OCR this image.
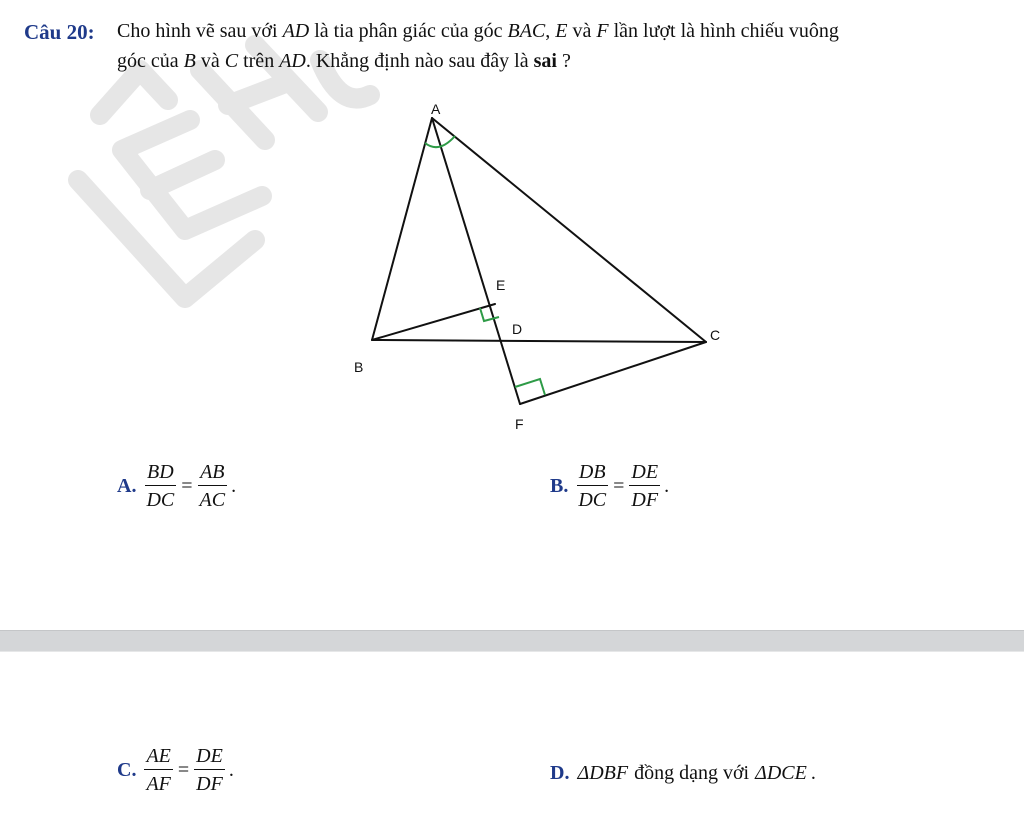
Câu 20: Cho hình vẽ sau với AD là tia phân giác của góc BAC, E và F lần lượt là hình chiếu vuông
góc của B và C trên AD. Khẳng định nào sau đây là sai ?
A
B
C
D
E
F
A. $\frac{BD}{DC} = \frac{AB}{AC}$ .	B. $\frac{DB}{DC} = \frac{DE}{DF}$ .
C. $\frac{AE}{AF} = \frac{DE}{DF}$ .	D. ΔDBF đồng dạng với ΔDCE .
